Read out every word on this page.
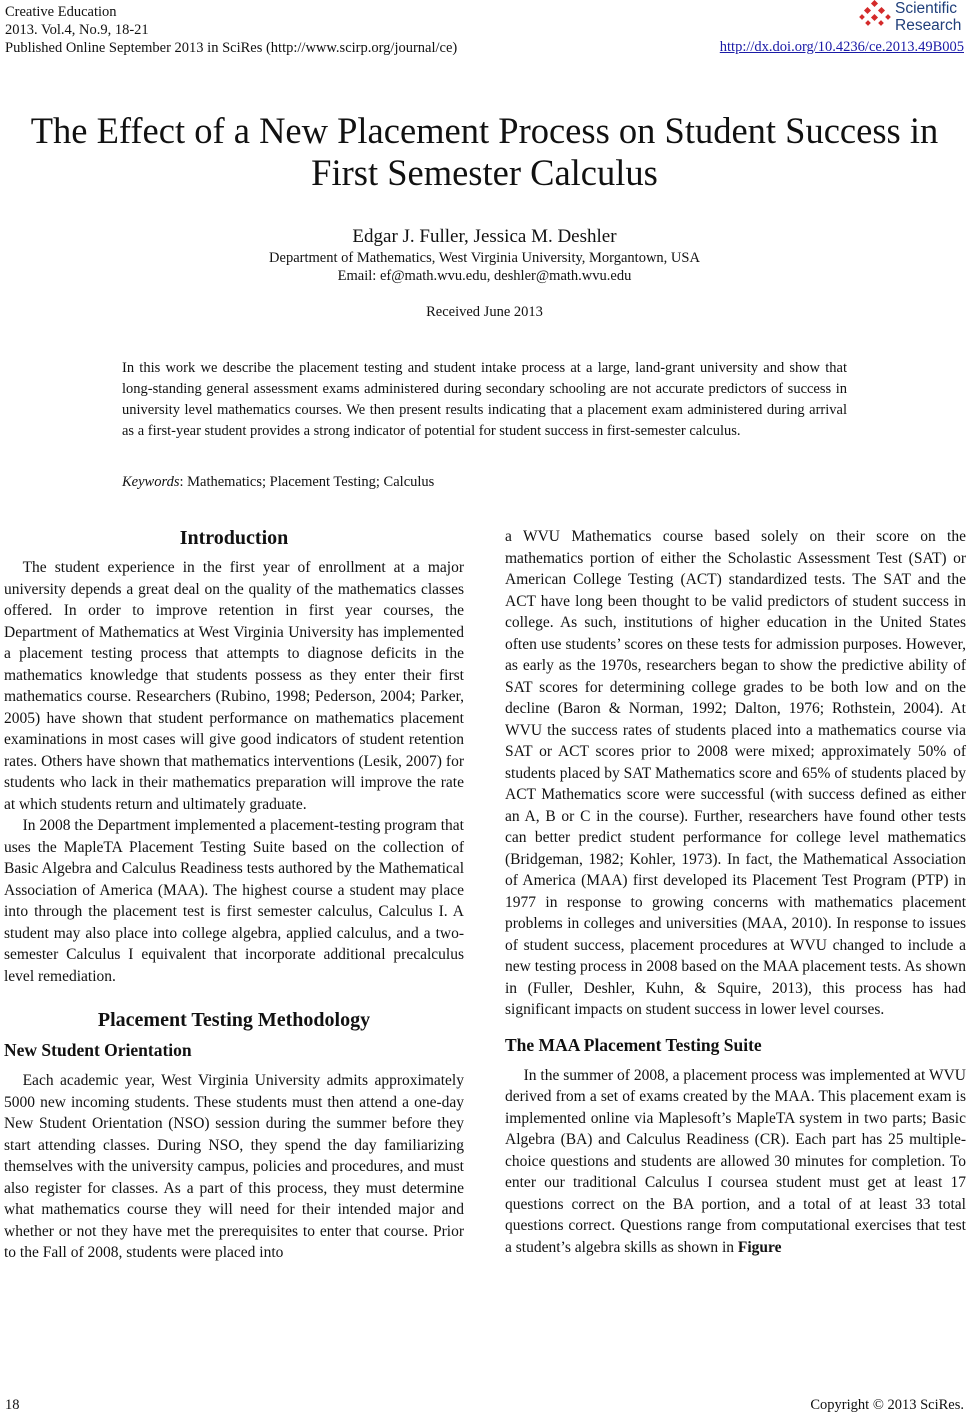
Creative Education
2013. Vol.4, No.9, 18-21
Published Online September 2013 in SciRes (http://www.scirp.org/journal/ce)
Scientific
Research
http://dx.doi.org/10.4236/ce.2013.49B005
The Effect of a New Placement Process on Student Success in
First Semester Calculus
Edgar J. Fuller, Jessica M. Deshler
Department of Mathematics, West Virginia University, Morgantown, USA
Email: ef@math.wvu.edu, deshler@math.wvu.edu
Received June 2013
In this work we describe the placement testing and student intake process at a large, land-grant university and show that long-standing general assessment exams administered during secondary schooling are not accurate predictors of success in university level mathematics courses. We then present results indicating that a placement exam administered during arrival as a first-year student provides a strong indicator of potential for student success in first-semester calculus.
Keywords: Mathematics; Placement Testing; Calculus
Introduction

The student experience in the first year of enrollment at a major university depends a great deal on the quality of the mathematics classes offered. In order to improve retention in first year courses, the Department of Mathematics at West Virginia University has implemented a placement testing process that attempts to diagnose deficits in the mathematics knowledge that students possess as they enter their first mathematics course. Researchers (Rubino, 1998; Pederson, 2004; Parker, 2005) have shown that student performance on mathematics placement examinations in most cases will give good indicators of student retention rates. Others have shown that mathematics interventions (Lesik, 2007) for students who lack in their mathematics preparation will improve the rate at which students return and ultimately graduate.

In 2008 the Department implemented a placement-testing program that uses the MapleTA Placement Testing Suite based on the collection of Basic Algebra and Calculus Readiness tests authored by the Mathematical Association of America (MAA). The highest course a student may place into through the placement test is first semester calculus, Calculus I. A student may also place into college algebra, applied calculus, and a two-semester Calculus I equivalent that incorporate additional precalculus level remediation.

Placement Testing Methodology
New Student Orientation

Each academic year, West Virginia University admits approximately 5000 new incoming students. These students must then attend a one-day New Student Orientation (NSO) session during the summer before they start attending classes. During NSO, they spend the day familiarizing themselves with the university campus, policies and procedures, and must also register for classes. As a part of this process, they must determine what mathematics course they will need for their intended major and whether or not they have met the prerequisites to enter that course. Prior to the Fall of 2008, students were placed into

a WVU Mathematics course based solely on their score on the mathematics portion of either the Scholastic Assessment Test (SAT) or American College Testing (ACT) standardized tests. The SAT and the ACT have long been thought to be valid predictors of student success in college. As such, institutions of higher education in the United States often use students’ scores on these tests for admission purposes. However, as early as the 1970s, researchers began to show the predictive ability of SAT scores for determining college grades to be both low and on the decline (Baron & Norman, 1992; Dalton, 1976; Rothstein, 2004). At WVU the success rates of students placed into a mathematics course via SAT or ACT scores prior to 2008 were mixed; approximately 50% of students placed by SAT Mathematics score and 65% of students placed by ACT Mathematics score were successful (with success defined as either an A, B or C in the course). Further, researchers have found other tests can better predict student performance for college level mathematics (Bridgeman, 1982; Kohler, 1973). In fact, the Mathematical Association of America (MAA) first developed its Placement Test Program (PTP) in 1977 in response to growing concerns with mathematics placement problems in colleges and universities (MAA, 2010). In response to issues of student success, placement procedures at WVU changed to include a new testing process in 2008 based on the MAA placement tests. As shown in (Fuller, Deshler, Kuhn, & Squire, 2013), this process has had significant impacts on student success in lower level courses.

The MAA Placement Testing Suite

In the summer of 2008, a placement process was implemented at WVU derived from a set of exams created by the MAA. This placement exam is implemented online via Maplesoft’s MapleTA system in two parts; Basic Algebra (BA) and Calculus Readiness (CR). Each part has 25 multiple-choice questions and students are allowed 30 minutes for completion. To enter our traditional Calculus I coursea student must get at least 17 questions correct on the BA portion, and a total of at least 33 total questions correct. Questions range from computational exercises that test a student’s algebra skills as shown in Figure

18	Copyright © 2013 SciRes.
